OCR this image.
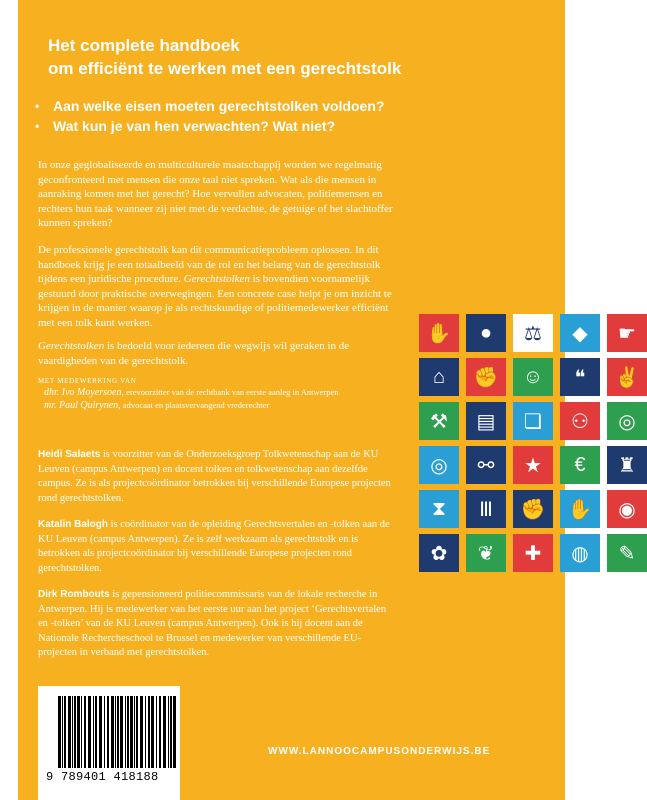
Het complete handboek
om efficiënt te werken met een gerechtstolk
• Aan welke eisen moeten gerechtstolken voldoen?
• Wat kun je van hen verwachten? Wat niet?
In onze geglobaliseerde en multiculturele maatschappij worden we regelmatig geconfronteerd met mensen die onze taal niet spreken. Wat als die mensen in aanraking komen met het gerecht? Hoe vervullen advocaten, politiemensen en rechters hun taak wanneer zij niet met de verdachte, de getuige of het slachtoffer kunnen spreken?
De professionele gerechtstolk kan dit communicatieprobleem oplossen. In dit handboek krijg je een totaalbeeld van de rol en het belang van de gerechtstolk tijdens een juridische procedure. Gerechtstolken is bovendien voornamelijk gestuurd door praktische overwegingen. Een concrete case helpt je om inzicht te krijgen in de manier waarop je als rechtskundige of politiemedewerker efficiënt met een tolk kunt werken.
Gerechtstolken is bedoeld voor iedereen die wegwijs wil geraken in de vaardigheden van de gerechtstolk.
MET MEDEWERKING VAN
dhr. Ivo Moyersoen, erevoorzitter van de rechtbank van eerste aanleg in Antwerpen
mr. Paul Quirynen, advocaat en plaatsvervangend vrederechter
Heidi Salaets is voorzitter van de Onderzoeksgroep Tolkwetenschap aan de KU Leuven (campus Antwerpen) en docent tolken en tolkwetenschap aan dezelfde campus. Ze is als projectcoördinator betrokken bij verschillende Europese projecten rond gerechtstolken.
Katalin Balogh is coördinator van de opleiding Gerechtsvertalen en -tolken aan de KU Leuven (campus Antwerpen). Ze is zelf werkzaam als gerechtstolk en is betrokken als projectcoördinator bij verschillende Europese projecten rond gerechtstolken.
Dirk Rombouts is gepensioneerd politiecommissaris van de lokale recherche in Antwerpen. Hij is medewerker van het eerste uur aan het project ‘Gerechtsvertalen en -tolken’ van de KU Leuven (campus Antwerpen). Ook is hij docent aan de Nationale Rechercheschool te Brussel en medewerker van verschillende EU-projecten in verband met gerechtstolken.
✋	●	⚖	◆	☛
⌂	✊	☺	❝	✌
⚒	▤	❏	⚇	◎
◎	⚯	★	€	♜
⧗	Ⅲ	✊	✋	◉
✿	❦	✚	◍	✎
9 789401 418188
WWW.LANNOOCAMPUSONDERWIJS.BE
